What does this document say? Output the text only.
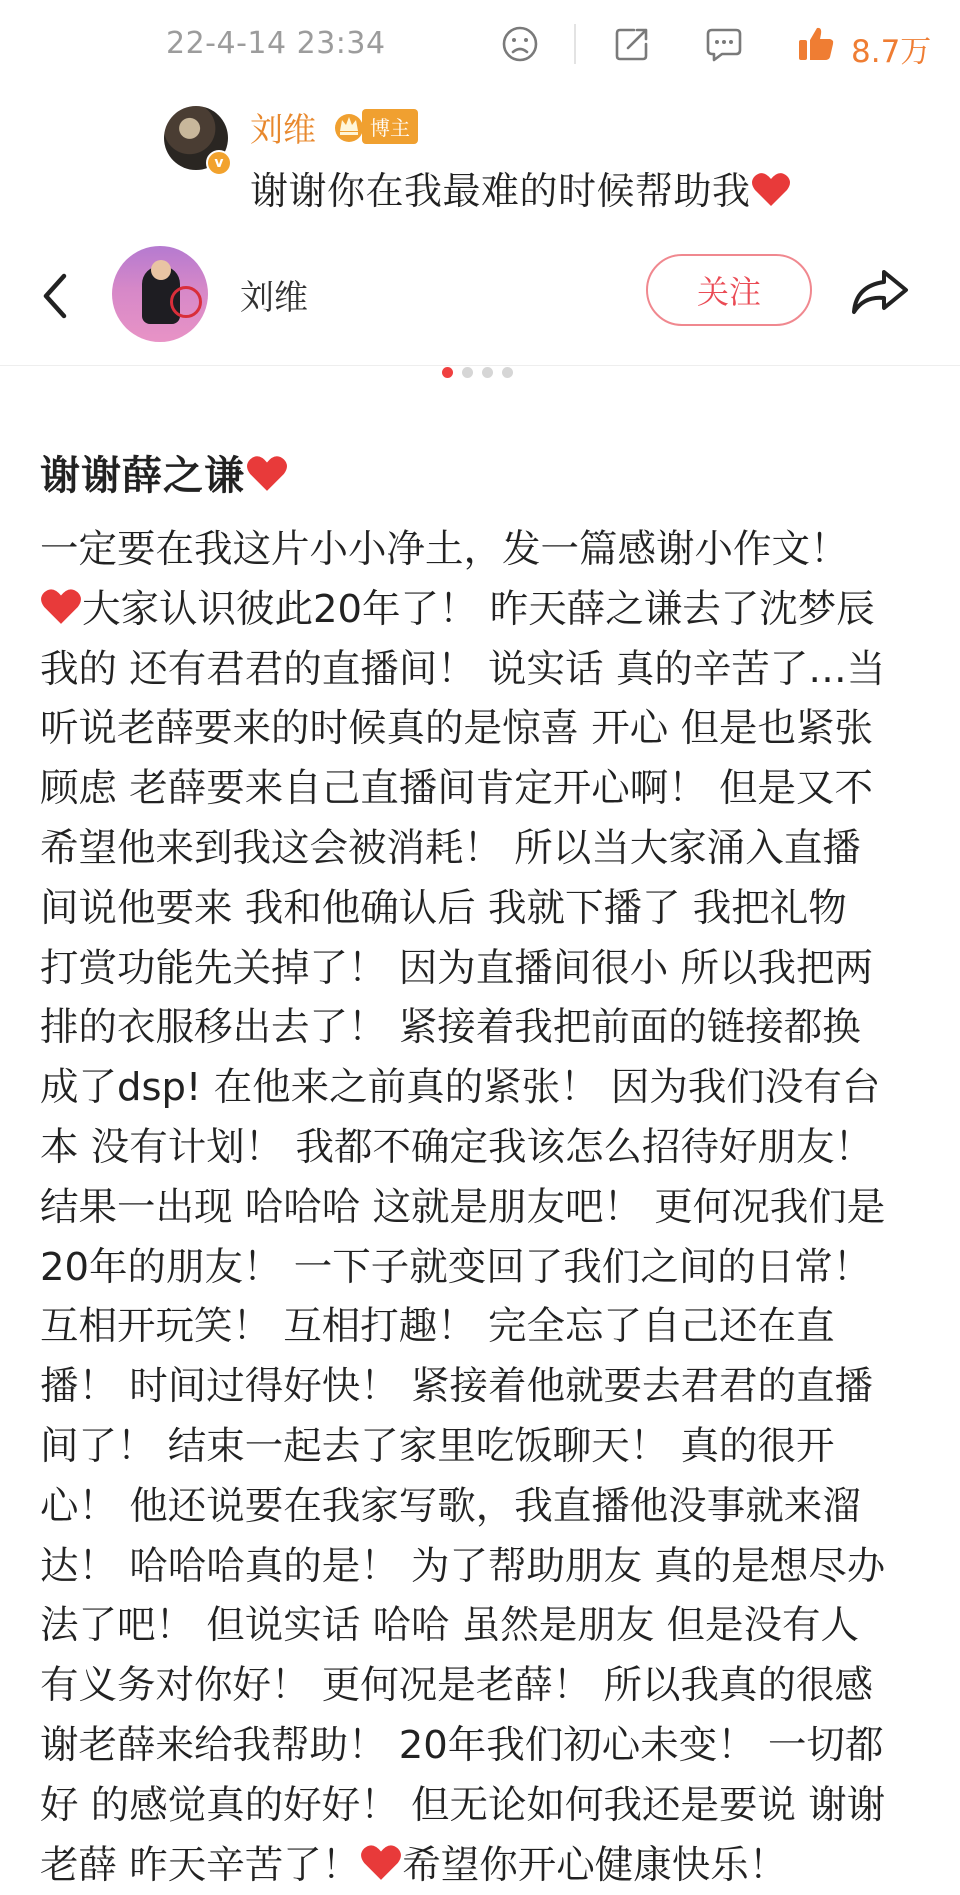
22-4-14 23:34	8.7万
v
刘维	博主
谢谢你在我最难的时候帮助我
刘维	关注
谢谢薛之谦
一定要在我这片小小净土，发一篇感谢小作文！
大家认识彼此20年了！ 昨天薛之谦去了沈梦辰
我的 还有君君的直播间！ 说实话 真的辛苦了…当
听说老薛要来的时候真的是惊喜 开心 但是也紧张
顾虑 老薛要来自己直播间肯定开心啊！ 但是又不
希望他来到我这会被消耗！ 所以当大家涌入直播
间说他要来 我和他确认后 我就下播了 我把礼物
打赏功能先关掉了！ 因为直播间很小 所以我把两
排的衣服移出去了！ 紧接着我把前面的链接都换
成了dsp! 在他来之前真的紧张！ 因为我们没有台
本 没有计划！ 我都不确定我该怎么招待好朋友！
结果一出现 哈哈哈 这就是朋友吧！ 更何况我们是
20年的朋友！ 一下子就变回了我们之间的日常！
互相开玩笑！ 互相打趣！ 完全忘了自己还在直
播！ 时间过得好快！ 紧接着他就要去君君的直播
间了！ 结束一起去了家里吃饭聊天！ 真的很开
心！ 他还说要在我家写歌，我直播他没事就来溜
达！ 哈哈哈真的是！ 为了帮助朋友 真的是想尽办
法了吧！ 但说实话 哈哈 虽然是朋友 但是没有人
有义务对你好！ 更何况是老薛！ 所以我真的很感
谢老薛来给我帮助！ 20年我们初心未变！ 一切都
好 的感觉真的好好！ 但无论如何我还是要说 谢谢
老薛 昨天辛苦了！ 希望你开心健康快乐！
